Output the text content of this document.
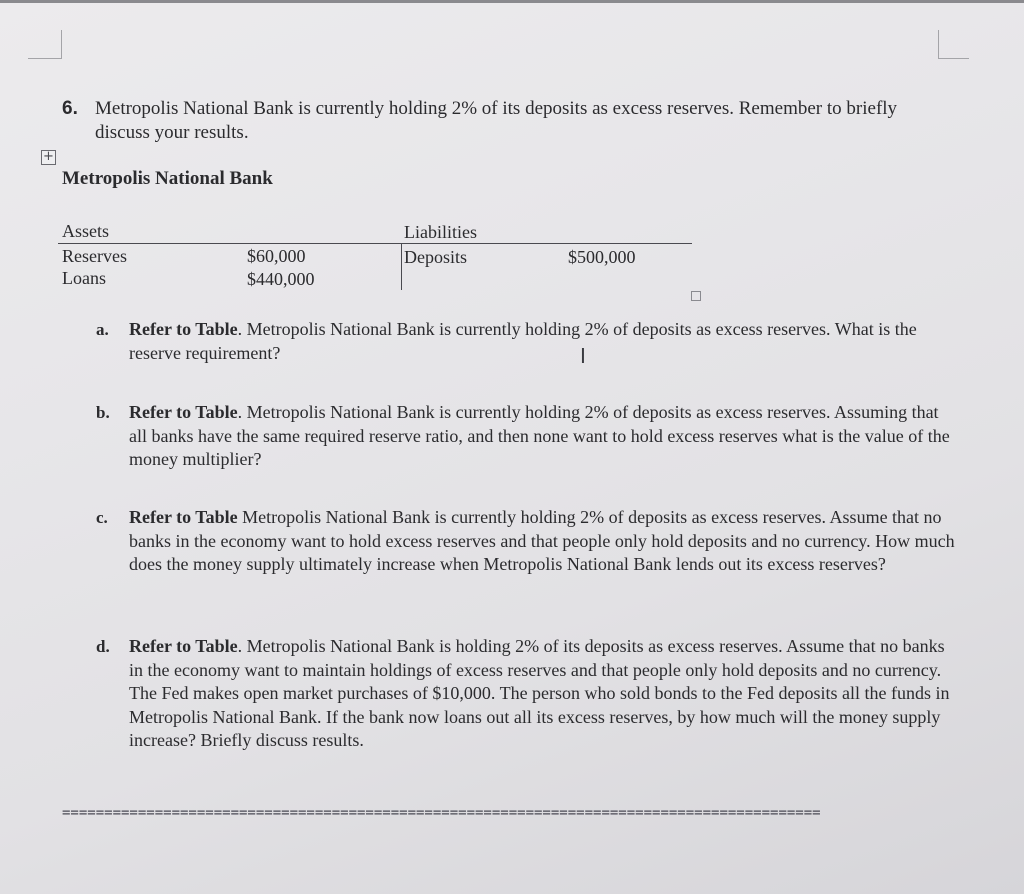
6. Metropolis National Bank is currently holding 2% of its deposits as excess reserves. Remember to briefly discuss your results.
+
Metropolis National Bank
Assets	Liabilities
Reserves	$60,000	Deposits	$500,000
Loans	$440,000
a. Refer to Table. Metropolis National Bank is currently holding 2% of deposits as excess reserves. What is the reserve requirement?	I
b. Refer to Table. Metropolis National Bank is currently holding 2% of deposits as excess reserves. Assuming that all banks have the same required reserve ratio, and then none want to hold excess reserves what is the value of the money multiplier?
c. Refer to Table Metropolis National Bank is currently holding 2% of deposits as excess reserves. Assume that no banks in the economy want to hold excess reserves and that people only hold deposits and no currency. How much does the money supply ultimately increase when Metropolis National Bank lends out its excess reserves?
d. Refer to Table. Metropolis National Bank is holding 2% of its deposits as excess reserves. Assume that no banks in the economy want to maintain holdings of excess reserves and that people only hold deposits and no currency. The Fed makes open market purchases of $10,000. The person who sold bonds to the Fed deposits all the funds in Metropolis National Bank. If the bank now loans out all its excess reserves, by how much will the money supply increase? Briefly discuss results.
==========================================================================================
